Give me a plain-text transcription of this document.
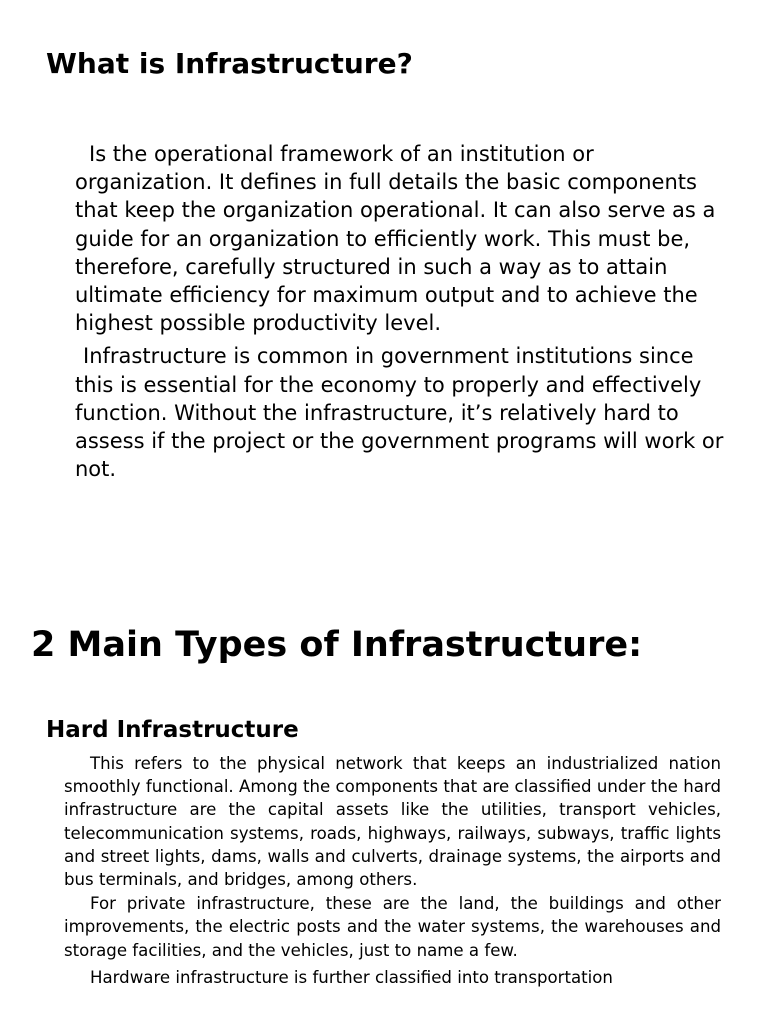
What is Infrastructure?

Is the operational framework of an institution or organization. It defines in full details the basic components that keep the organization operational. It can also serve as a guide for an organization to efficiently work. This must be, therefore, carefully structured in such a way as to attain ultimate efficiency for maximum output and to achieve the highest possible productivity level.

Infrastructure is common in government institutions since this is essential for the economy to properly and effectively function. Without the infrastructure, it’s relatively hard to assess if the project or the government programs will work or not.

2 Main Types of Infrastructure:
Hard Infrastructure

This refers to the physical network that keeps an industrialized nation smoothly functional. Among the components that are classified under the hard infrastructure are the capital assets like the utilities, transport vehicles, telecommunication systems, roads, highways, railways, subways, traffic lights and street lights, dams, walls and culverts, drainage systems, the airports and bus terminals, and bridges, among others.

For private infrastructure, these are the land, the buildings and other improvements, the electric posts and the water systems, the warehouses and storage facilities, and the vehicles, just to name a few.

Hardware infrastructure is further classified into transportation
